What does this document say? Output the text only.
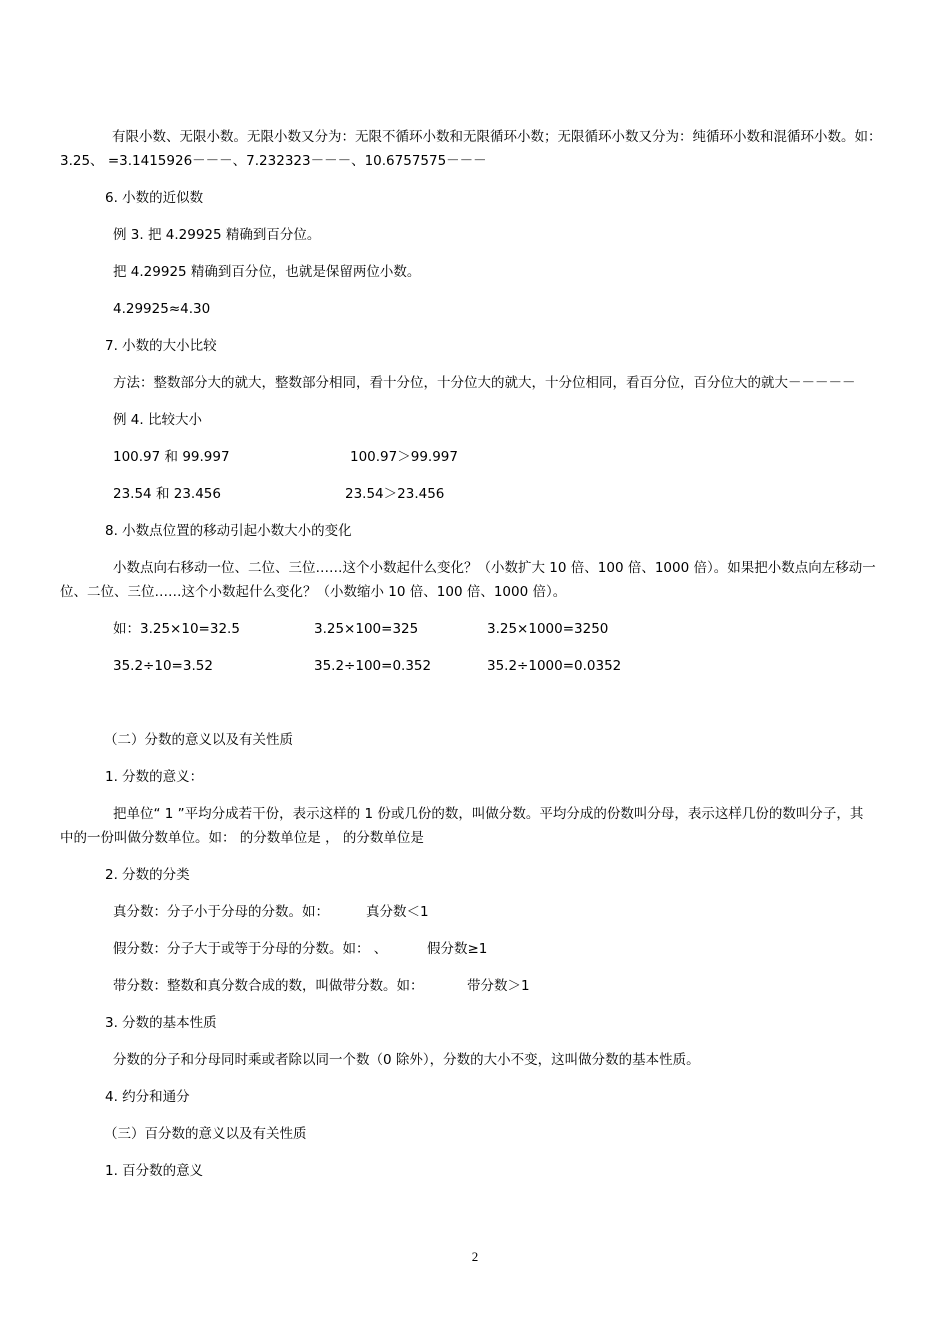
有限小数、无限小数。无限小数又分为：无限不循环小数和无限循环小数；无限循环小数又分为：纯循环小数和混循环小数。如：
3.25、 =3.1415926－－－、7.232323－－－、10.6757575－－－
6. 小数的近似数
例 3. 把 4.29925 精确到百分位。
把 4.29925 精确到百分位，也就是保留两位小数。
4.29925≈4.30
7. 小数的大小比较
方法：整数部分大的就大，整数部分相同，看十分位，十分位大的就大，十分位相同，看百分位，百分位大的就大－－－－－
例 4. 比较大小
100.97 和 99.997	100.97＞99.997
23.54 和 23.456	23.54＞23.456
8. 小数点位置的移动引起小数大小的变化
小数点向右移动一位、二位、三位……这个小数起什么变化？（小数扩大 10 倍、100 倍、1000 倍）。如果把小数点向左移动一
位、二位、三位……这个小数起什么变化？（小数缩小 10 倍、100 倍、1000 倍）。
如：3.25×10=32.5	3.25×100=325	3.25×1000=3250
35.2÷10=3.52	35.2÷100=0.352	35.2÷1000=0.0352
（二）分数的意义以及有关性质
1. 分数的意义：
把单位“ 1 ”平均分成若干份，表示这样的 1 份或几份的数，叫做分数。平均分成的份数叫分母，表示这样几份的数叫分子，其
中的一份叫做分数单位。如： 的分数单位是 ， 的分数单位是
2. 分数的分类
真分数：分子小于分母的分数。如：	真分数＜1
假分数：分子大于或等于分母的分数。如： 、	假分数≥1
带分数：整数和真分数合成的数，叫做带分数。如：	带分数＞1
3. 分数的基本性质
分数的分子和分母同时乘或者除以同一个数（0 除外），分数的大小不变，这叫做分数的基本性质。
4. 约分和通分
（三）百分数的意义以及有关性质
1. 百分数的意义
2
